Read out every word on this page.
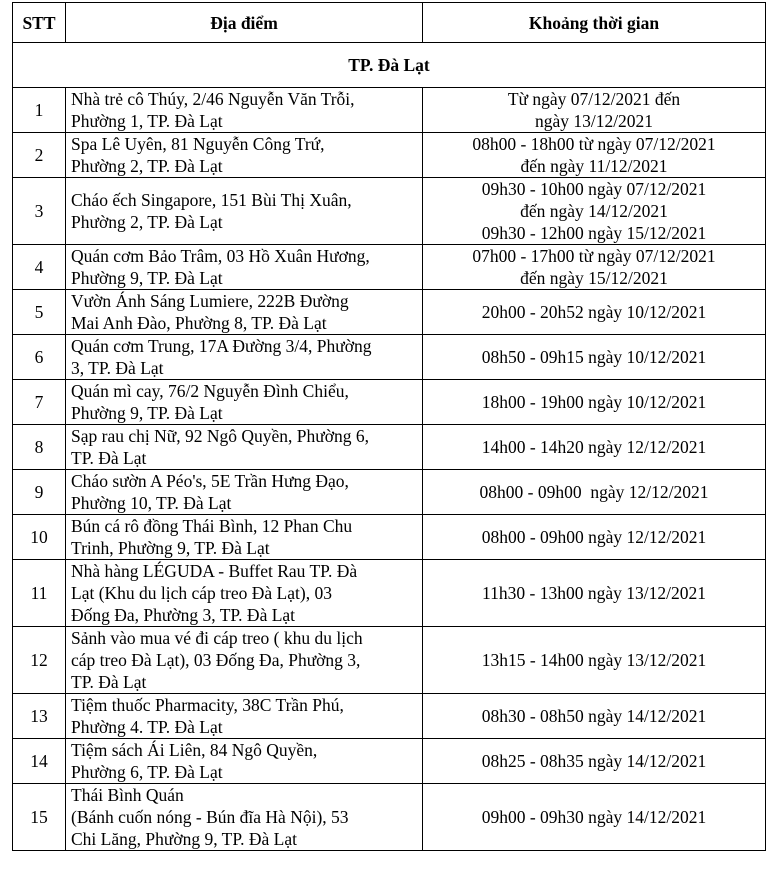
STT	Địa điểm	Khoảng thời gian
TP. Đà Lạt		
1	Nhà trẻ cô Thúy, 2/46 Nguyễn Văn Trỗi,
Phường 1, TP. Đà Lạt	Từ ngày 07/12/2021 đến
ngày 13/12/2021

2	Spa Lê Uyên, 81 Nguyễn Công Trứ,
Phường 2, TP. Đà Lạt	08h00 - 18h00 từ ngày 07/12/2021
đến ngày 11/12/2021

3	Cháo ếch Singapore, 151 Bùi Thị Xuân,
Phường 2, TP. Đà Lạt	09h30 - 10h00 ngày 07/12/2021
đến ngày 14/12/2021
09h30 - 12h00 ngày 15/12/2021

4	Quán cơm Bảo Trâm, 03 Hồ Xuân Hương,
Phường 9, TP. Đà Lạt	07h00 - 17h00 từ ngày 07/12/2021
đến ngày 15/12/2021

5	Vườn Ánh Sáng Lumiere, 222B Đường
Mai Anh Đào, Phường 8, TP. Đà Lạt	20h00 - 20h52 ngày 10/12/2021

6	Quán cơm Trung, 17A Đường 3/4, Phường
3, TP. Đà Lạt	08h50 - 09h15 ngày 10/12/2021

7	Quán mì cay, 76/2 Nguyễn Đình Chiểu,
Phường 9, TP. Đà Lạt	18h00 - 19h00 ngày 10/12/2021

8	Sạp rau chị Nữ, 92 Ngô Quyền, Phường 6,
TP. Đà Lạt	14h00 - 14h20 ngày 12/12/2021

9	Cháo sườn A Péo's, 5E Trần Hưng Đạo,
Phường 10, TP. Đà Lạt	08h00 - 09h00  ngày 12/12/2021

10	Bún cá rô đồng Thái Bình, 12 Phan Chu
Trinh, Phường 9, TP. Đà Lạt	08h00 - 09h00 ngày 12/12/2021

11	Nhà hàng LÉGUDA - Buffet Rau TP. Đà
Lạt (Khu du lịch cáp treo Đà Lạt), 03
Đống Đa, Phường 3, TP. Đà Lạt	11h30 - 13h00 ngày 13/12/2021

12	Sảnh vào mua vé đi cáp treo ( khu du lịch
cáp treo Đà Lạt), 03 Đống Đa, Phường 3,
TP. Đà Lạt	13h15 - 14h00 ngày 13/12/2021

13	Tiệm thuốc Pharmacity, 38C Trần Phú,
Phường 4. TP. Đà Lạt	08h30 - 08h50 ngày 14/12/2021

14	Tiệm sách Ái Liên, 84 Ngô Quyền,
Phường 6, TP. Đà Lạt	08h25 - 08h35 ngày 14/12/2021

15	Thái Bình Quán
(Bánh cuốn nóng - Bún đĩa Hà Nội), 53
Chi Lăng, Phường 9, TP. Đà Lạt	09h00 - 09h30 ngày 14/12/2021
